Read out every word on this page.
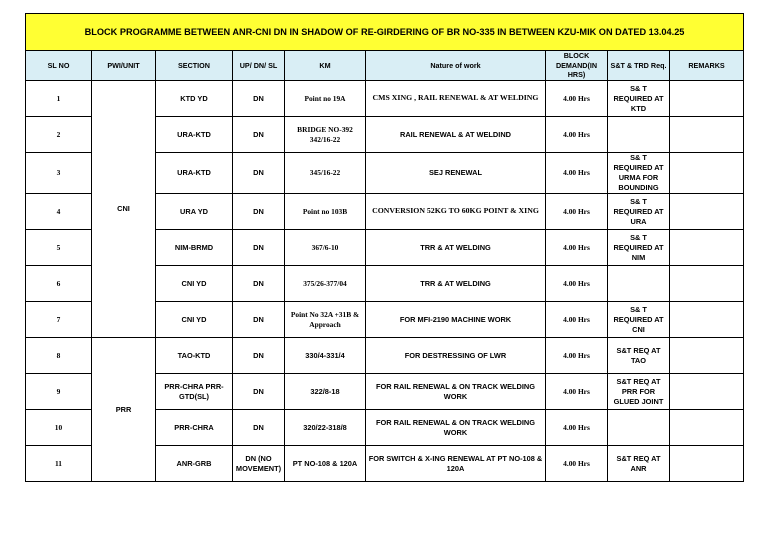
BLOCK PROGRAMME BETWEEN ANR-CNI DN IN SHADOW OF RE-GIRDERING OF BR NO-335 IN BETWEEN KZU-MIK ON DATED 13.04.25								
SL NO	PWI/UNIT	SECTION	UP/ DN/ SL	KM	Nature of work	BLOCK DEMAND(IN HRS)	S&T & TRD Req.	REMARKS
1	CNI	KTD YD	DN	Point no 19A	CMS XING , RAIL RENEWAL & AT WELDING	4.00 Hrs	S& T REQUIRED AT KTD	
2		URA-KTD	DN	BRIDGE NO-392 342/16-22	RAIL RENEWAL & AT WELDIND	4.00 Hrs		
3		URA-KTD	DN	345/16-22	SEJ RENEWAL	4.00 Hrs	S& T REQUIRED AT URMA FOR BOUNDING	
4		URA YD	DN	Point no 103B	CONVERSION 52KG TO 60KG POINT & XING	4.00 Hrs	S& T REQUIRED AT URA	
5		NIM-BRMD	DN	367/6-10	TRR & AT WELDING	4.00 Hrs	S& T REQUIRED AT NIM	
6		CNI YD	DN	375/26-377/04	TRR & AT WELDING	4.00 Hrs		
7		CNI YD	DN	Point No 32A +31B & Approach	FOR MFI-2190 MACHINE WORK	4.00 Hrs	S& T REQUIRED AT CNI	
8	PRR	TAO-KTD	DN	330/4-331/4	FOR DESTRESSING OF LWR	4.00 Hrs	S&T REQ AT TAO	
9		PRR-CHRA PRR-GTD(SL)	DN	322/8-18	FOR RAIL RENEWAL & ON TRACK WELDING WORK	4.00 Hrs	S&T REQ AT PRR FOR GLUED JOINT	
10		PRR-CHRA	DN	320/22-318/8	FOR RAIL RENEWAL & ON TRACK WELDING WORK	4.00 Hrs		
11		ANR-GRB	DN (NO MOVEMENT)	PT NO-108 & 120A	FOR SWITCH & X-ING RENEWAL AT PT NO-108 & 120A	4.00 Hrs	S&T REQ AT ANR	
